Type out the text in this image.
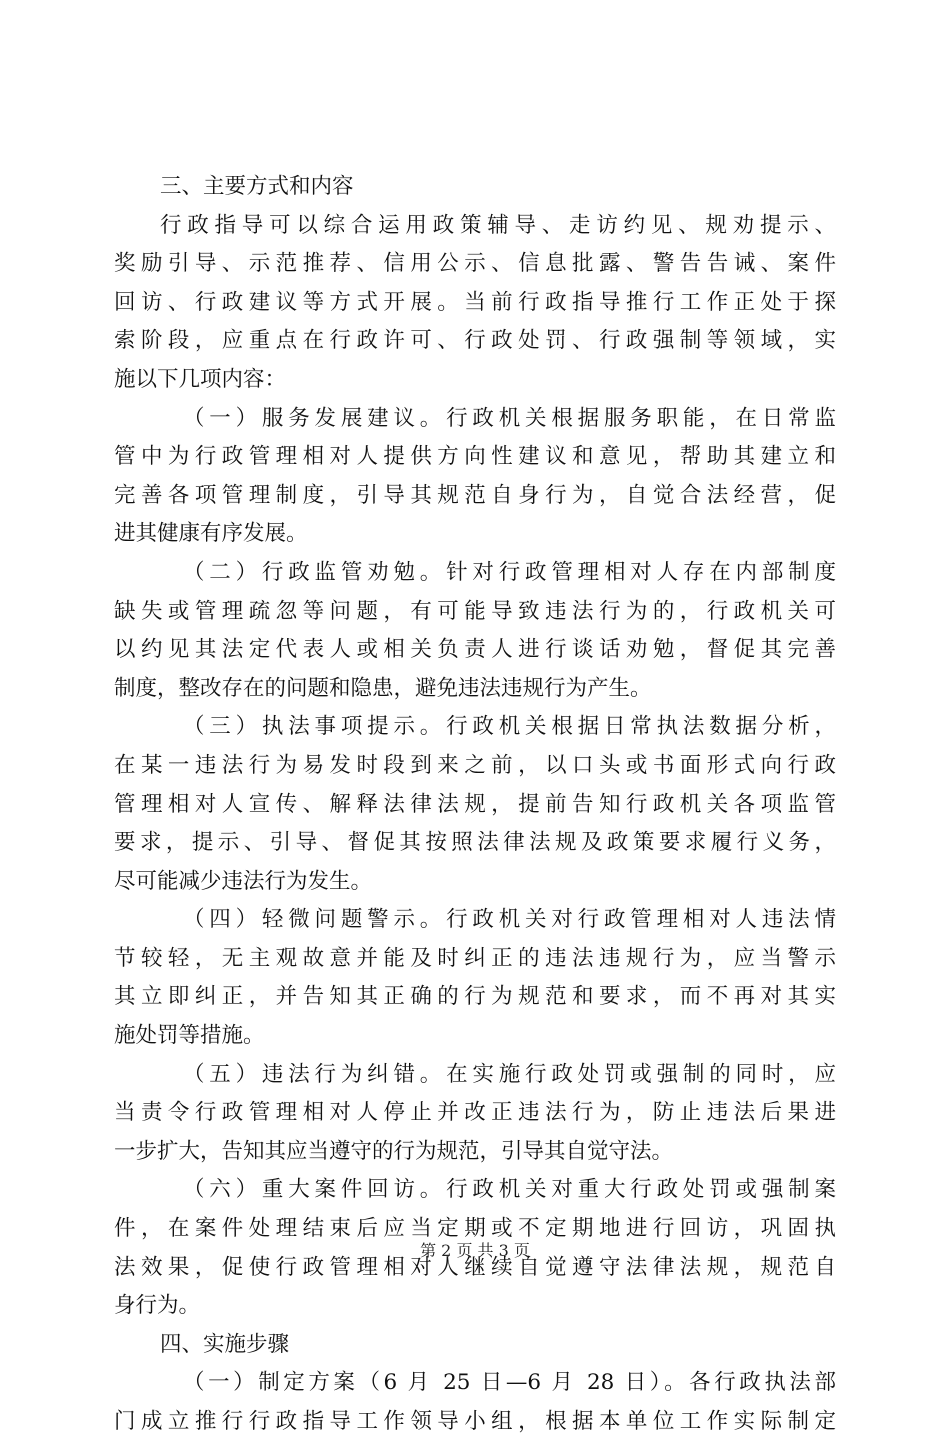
三、主要方式和内容
行政指导可以综合运用政策辅导、走访约见、规劝提示、
奖励引导、示范推荐、信用公示、信息批露、警告告诫、案件
回访、行政建议等方式开展。当前行政指导推行工作正处于探
索阶段，应重点在行政许可、行政处罚、行政强制等领域，实
施以下几项内容：
（一）服务发展建议。行政机关根据服务职能，在日常监
管中为行政管理相对人提供方向性建议和意见，帮助其建立和
完善各项管理制度，引导其规范自身行为，自觉合法经营，促
进其健康有序发展。
（二）行政监管劝勉。针对行政管理相对人存在内部制度
缺失或管理疏忽等问题，有可能导致违法行为的，行政机关可
以约见其法定代表人或相关负责人进行谈话劝勉，督促其完善
制度，整改存在的问题和隐患，避免违法违规行为产生。
（三）执法事项提示。行政机关根据日常执法数据分析，
在某一违法行为易发时段到来之前，以口头或书面形式向行政
管理相对人宣传、解释法律法规，提前告知行政机关各项监管
要求，提示、引导、督促其按照法律法规及政策要求履行义务，
尽可能减少违法行为发生。
（四）轻微问题警示。行政机关对行政管理相对人违法情
节较轻，无主观故意并能及时纠正的违法违规行为，应当警示
其立即纠正，并告知其正确的行为规范和要求，而不再对其实
施处罚等措施。
（五）违法行为纠错。在实施行政处罚或强制的同时，应
当责令行政管理相对人停止并改正违法行为，防止违法后果进
一步扩大，告知其应当遵守的行为规范，引导其自觉守法。
（六）重大案件回访。行政机关对重大行政处罚或强制案
件，在案件处理结束后应当定期或不定期地进行回访，巩固执
法效果，促使行政管理相对人继续自觉遵守法律法规，规范自
身行为。
四、实施步骤
（一）制定方案（6 月 25 日—6 月 28 日）。各行政执法部
门成立推行行政指导工作领导小组，根据本单位工作实际制定
第 2 页 共 3 页
